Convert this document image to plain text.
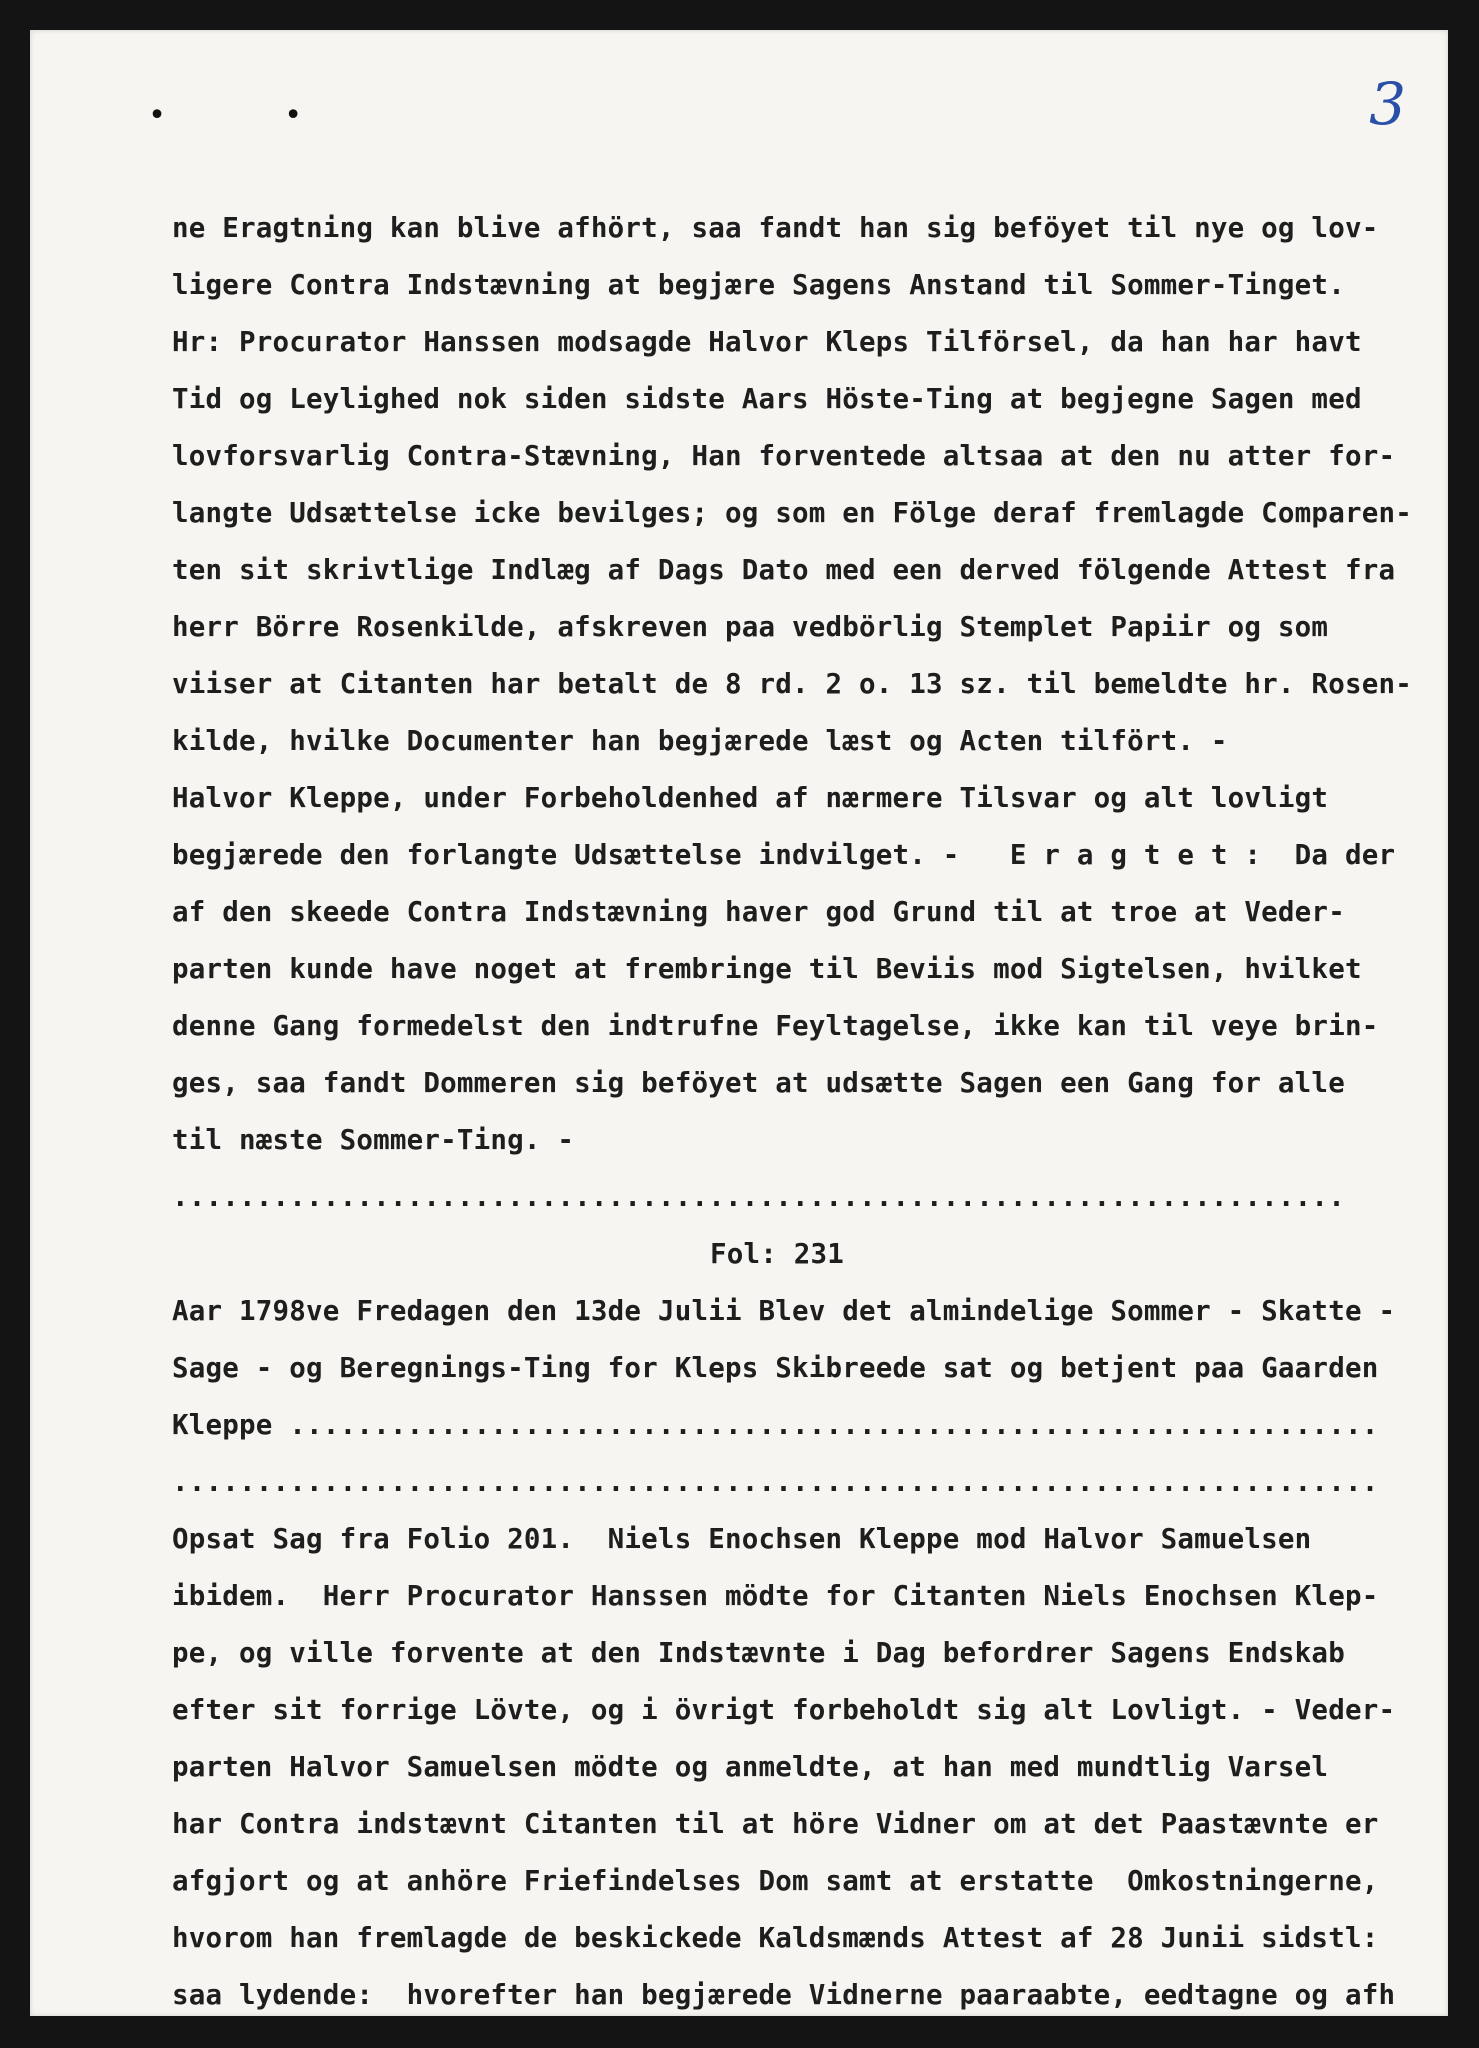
• •	3
ne Eragtning kan blive afhört, saa fandt han sig beföyet til nye og lov-
ligere Contra Indstævning at begjære Sagens Anstand til Sommer-Tinget.
Hr: Procurator Hanssen modsagde Halvor Kleps Tilförsel, da han har havt
Tid og Leylighed nok siden sidste Aars Höste-Ting at begjegne Sagen med
lovforsvarlig Contra-Stævning, Han forventede altsaa at den nu atter for-
langte Udsættelse icke bevilges; og som en Fölge deraf fremlagde Comparen-
ten sit skrivtlige Indlæg af Dags Dato med een derved fölgende Attest fra
herr Börre Rosenkilde, afskreven paa vedbörlig Stemplet Papiir og som
viiser at Citanten har betalt de 8 rd. 2 o. 13 sz. til bemeldte hr. Rosen-
kilde, hvilke Documenter han begjærede læst og Acten tilfört. -
Halvor Kleppe, under Forbeholdenhed af nærmere Tilsvar og alt lovligt
begjærede den forlangte Udsættelse indvilget. -   E r a g t e t :  Da der
af den skeede Contra Indstævning haver god Grund til at troe at Veder-
parten kunde have noget at frembringe til Beviis mod Sigtelsen, hvilket
denne Gang formedelst den indtrufne Feyltagelse, ikke kan til veye brin-
ges, saa fandt Dommeren sig beföyet at udsætte Sagen een Gang for alle
til næste Sommer-Ting. -
......................................................................
Fol: 231
Aar 1798ve Fredagen den 13de Julii Blev det almindelige Sommer - Skatte -
Sage - og Beregnings-Ting for Kleps Skibreede sat og betjent paa Gaarden
Kleppe .................................................................
........................................................................
Opsat Sag fra Folio 201.  Niels Enochsen Kleppe mod Halvor Samuelsen
ibidem.  Herr Procurator Hanssen mödte for Citanten Niels Enochsen Klep-
pe, og ville forvente at den Indstævnte i Dag befordrer Sagens Endskab
efter sit forrige Lövte, og i övrigt forbeholdt sig alt Lovligt. - Veder-
parten Halvor Samuelsen mödte og anmeldte, at han med mundtlig Varsel
har Contra indstævnt Citanten til at höre Vidner om at det Paastævnte er
afgjort og at anhöre Friefindelses Dom samt at erstatte  Omkostningerne,
hvorom han fremlagde de beskickede Kaldsmænds Attest af 28 Junii sidstl:
saa lydende:  hvorefter han begjærede Vidnerne paaraabte, eedtagne og afh
